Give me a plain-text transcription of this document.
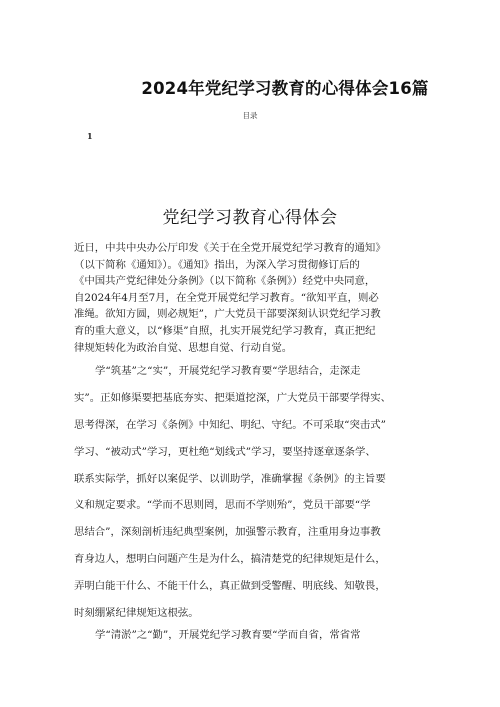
2024年党纪学习教育的心得体会16篇
目录
1
党纪学习教育心得体会
近日，中共中央办公厅印发《关于在全党开展党纪学习教育的通知》
（以下简称《通知》）。《通知》指出，为深入学习贯彻修订后的
《中国共产党纪律处分条例》（以下简称《条例》）经党中央同意，
自2024年4月至7月，在全党开展党纪学习教育。“欲知平直，则必
准绳。欲知方圆，则必规矩”，广大党员干部要深刻认识党纪学习教
育的重大意义，以“修渠”自照，扎实开展党纪学习教育，真正把纪
律规矩转化为政治自觉、思想自觉、行动自觉。
学“筑基”之“实”，开展党纪学习教育要“学思结合，走深走
实”。正如修渠要把基底夯实、把渠道挖深，广大党员干部要学得实、
思考得深，在学习《条例》中知纪、明纪、守纪。不可采取“突击式”
学习、“被动式”学习，更杜绝“划线式”学习，要坚持逐章逐条学、
联系实际学，抓好以案促学、以训助学，准确掌握《条例》的主旨要
义和规定要求。“学而不思则罔，思而不学则殆”，党员干部要“学
思结合”，深刻剖析违纪典型案例，加强警示教育，注重用身边事教
育身边人，想明白问题产生是为什么，搞清楚党的纪律规矩是什么，
弄明白能干什么、不能干什么，真正做到受警醒、明底线、知敬畏，
时刻绷紧纪律规矩这根弦。
学“清淤”之“勤”，开展党纪学习教育要“学而自省，常省常
